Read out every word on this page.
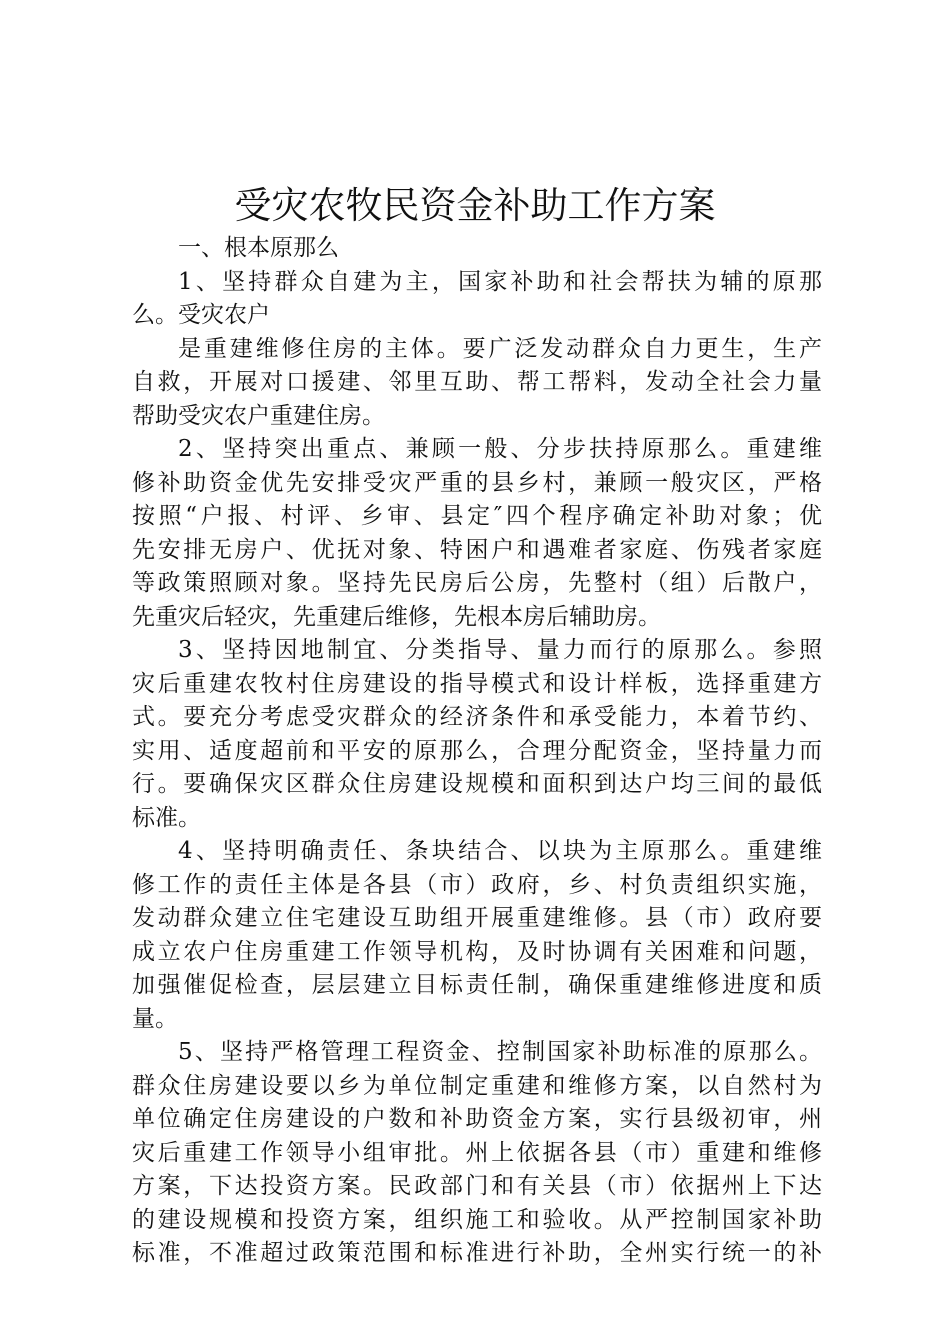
受灾农牧民资金补助工作方案
一、根本原那么
1、坚持群众自建为主，国家补助和社会帮扶为辅的原那
么。受灾农户
是重建维修住房的主体。要广泛发动群众自力更生，生产
自救，开展对口援建、邻里互助、帮工帮料，发动全社会力量
帮助受灾农户重建住房。
2、坚持突出重点、兼顾一般、分步扶持原那么。重建维
修补助资金优先安排受灾严重的县乡村，兼顾一般灾区，严格
按照“户报、村评、乡审、县定″四个程序确定补助对象；优
先安排无房户、优抚对象、特困户和遇难者家庭、伤残者家庭
等政策照顾对象。坚持先民房后公房，先整村（组）后散户，
先重灾后轻灾，先重建后维修，先根本房后辅助房。
3、坚持因地制宜、分类指导、量力而行的原那么。参照
灾后重建农牧村住房建设的指导模式和设计样板，选择重建方
式。要充分考虑受灾群众的经济条件和承受能力，本着节约、
实用、适度超前和平安的原那么，合理分配资金，坚持量力而
行。要确保灾区群众住房建设规模和面积到达户均三间的最低
标准。
4、坚持明确责任、条块结合、以块为主原那么。重建维
修工作的责任主体是各县（市）政府，乡、村负责组织实施，
发动群众建立住宅建设互助组开展重建维修。县（市）政府要
成立农户住房重建工作领导机构，及时协调有关困难和问题，
加强催促检查，层层建立目标责任制，确保重建维修进度和质
量。
5、坚持严格管理工程资金、控制国家补助标准的原那么。
群众住房建设要以乡为单位制定重建和维修方案，以自然村为
单位确定住房建设的户数和补助资金方案，实行县级初审，州
灾后重建工作领导小组审批。州上依据各县（市）重建和维修
方案，下达投资方案。民政部门和有关县（市）依据州上下达
的建设规模和投资方案，组织施工和验收。从严控制国家补助
标准，不准超过政策范围和标准进行补助，全州实行统一的补
